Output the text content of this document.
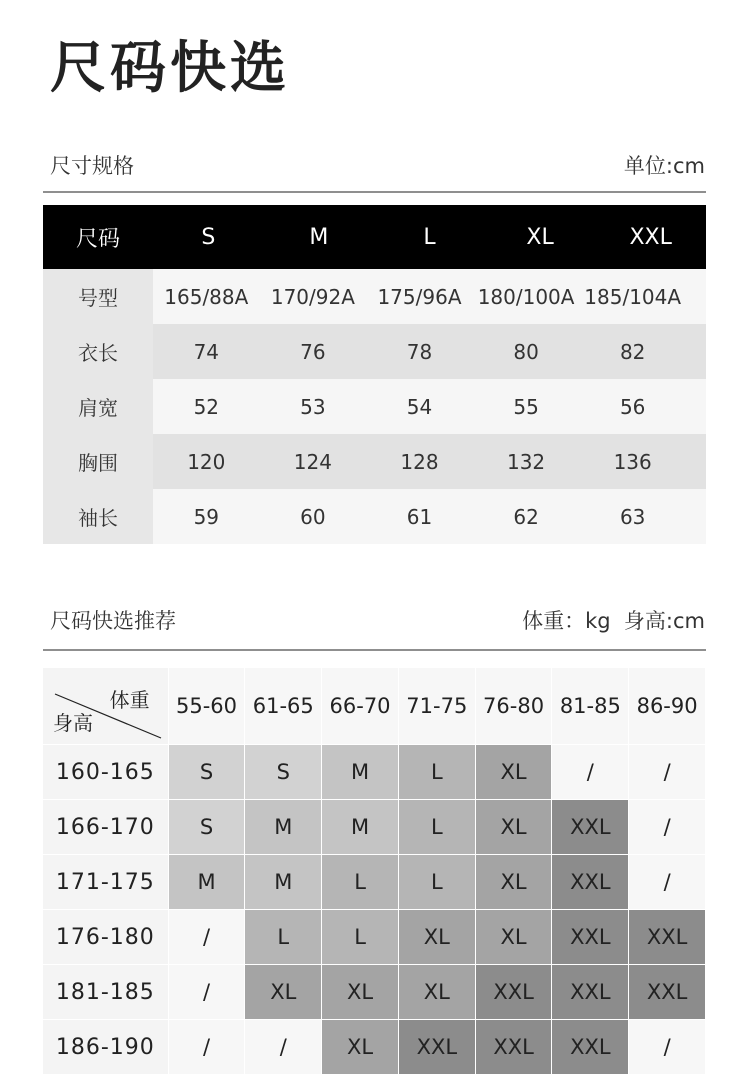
尺码快选
尺寸规格	单位:cm
尺码	S	M	L	XL	XXL
号型	165/88A	170/92A	175/96A 180/100A 185/104A
衣长	74	76	78	80	82
肩宽	52	53	54	55	56
胸围	120	124	128	132	136
袖长	59	60	61	62	63
尺码快选推荐	体重：kg  身高:cm
体重
身高
55-60 61-65 66-70 71-75 76-80 81-85 86-90
160-165	S	S	M	L	XL	/	/
166-170	S	M	M	L	XL	XXL	/
171-175	M	M	L	L	XL	XXL	/
176-180	/	L	L	XL	XL	XXL	XXL
181-185	/	XL	XL	XL	XXL	XXL	XXL
186-190	/	/	XL	XXL	XXL	XXL	/
